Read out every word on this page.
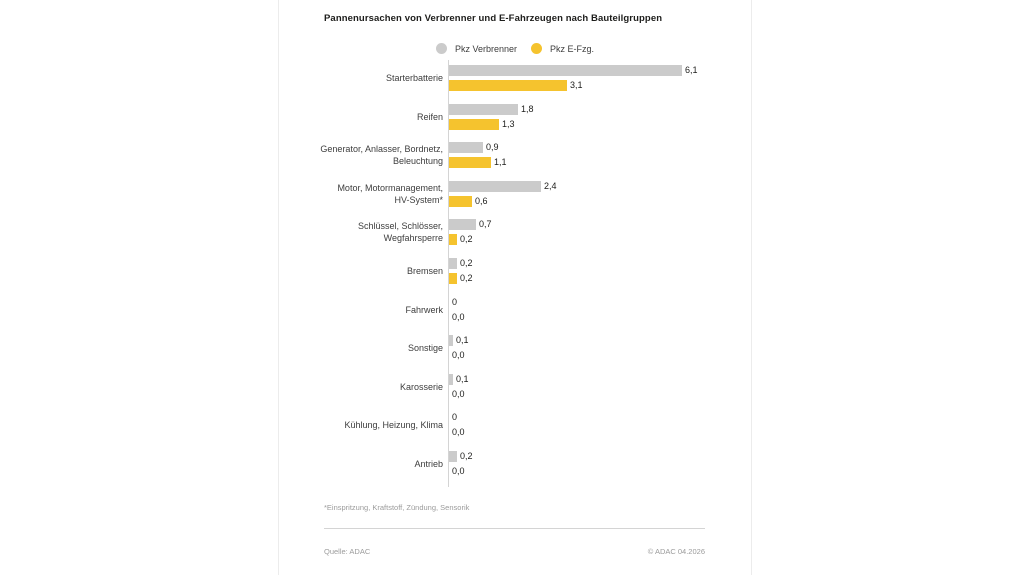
Pannenursachen von Verbrenner und E-Fahrzeugen nach Bauteilgruppen
Pkz Verbrenner	Pkz E-Fzg.
Starterbatterie
6,1
3,1
Reifen
1,8
1,3
Generator, Anlasser, Bordnetz,
Beleuchtung
0,9
1,1
Motor, Motormanagement,
HV-System*
2,4
0,6
Schlüssel, Schlösser,
Wegfahrsperre
0,7
0,2
Bremsen
0,2
0,2
Fahrwerk
0
0,0
Sonstige
0,1
0,0
Karosserie
0,1
0,0
Kühlung, Heizung, Klima
0
0,0
Antrieb
0,2
0,0
*Einspritzung, Kraftstoff, Zündung, Sensorik
Quelle: ADAC	© ADAC 04.2026
